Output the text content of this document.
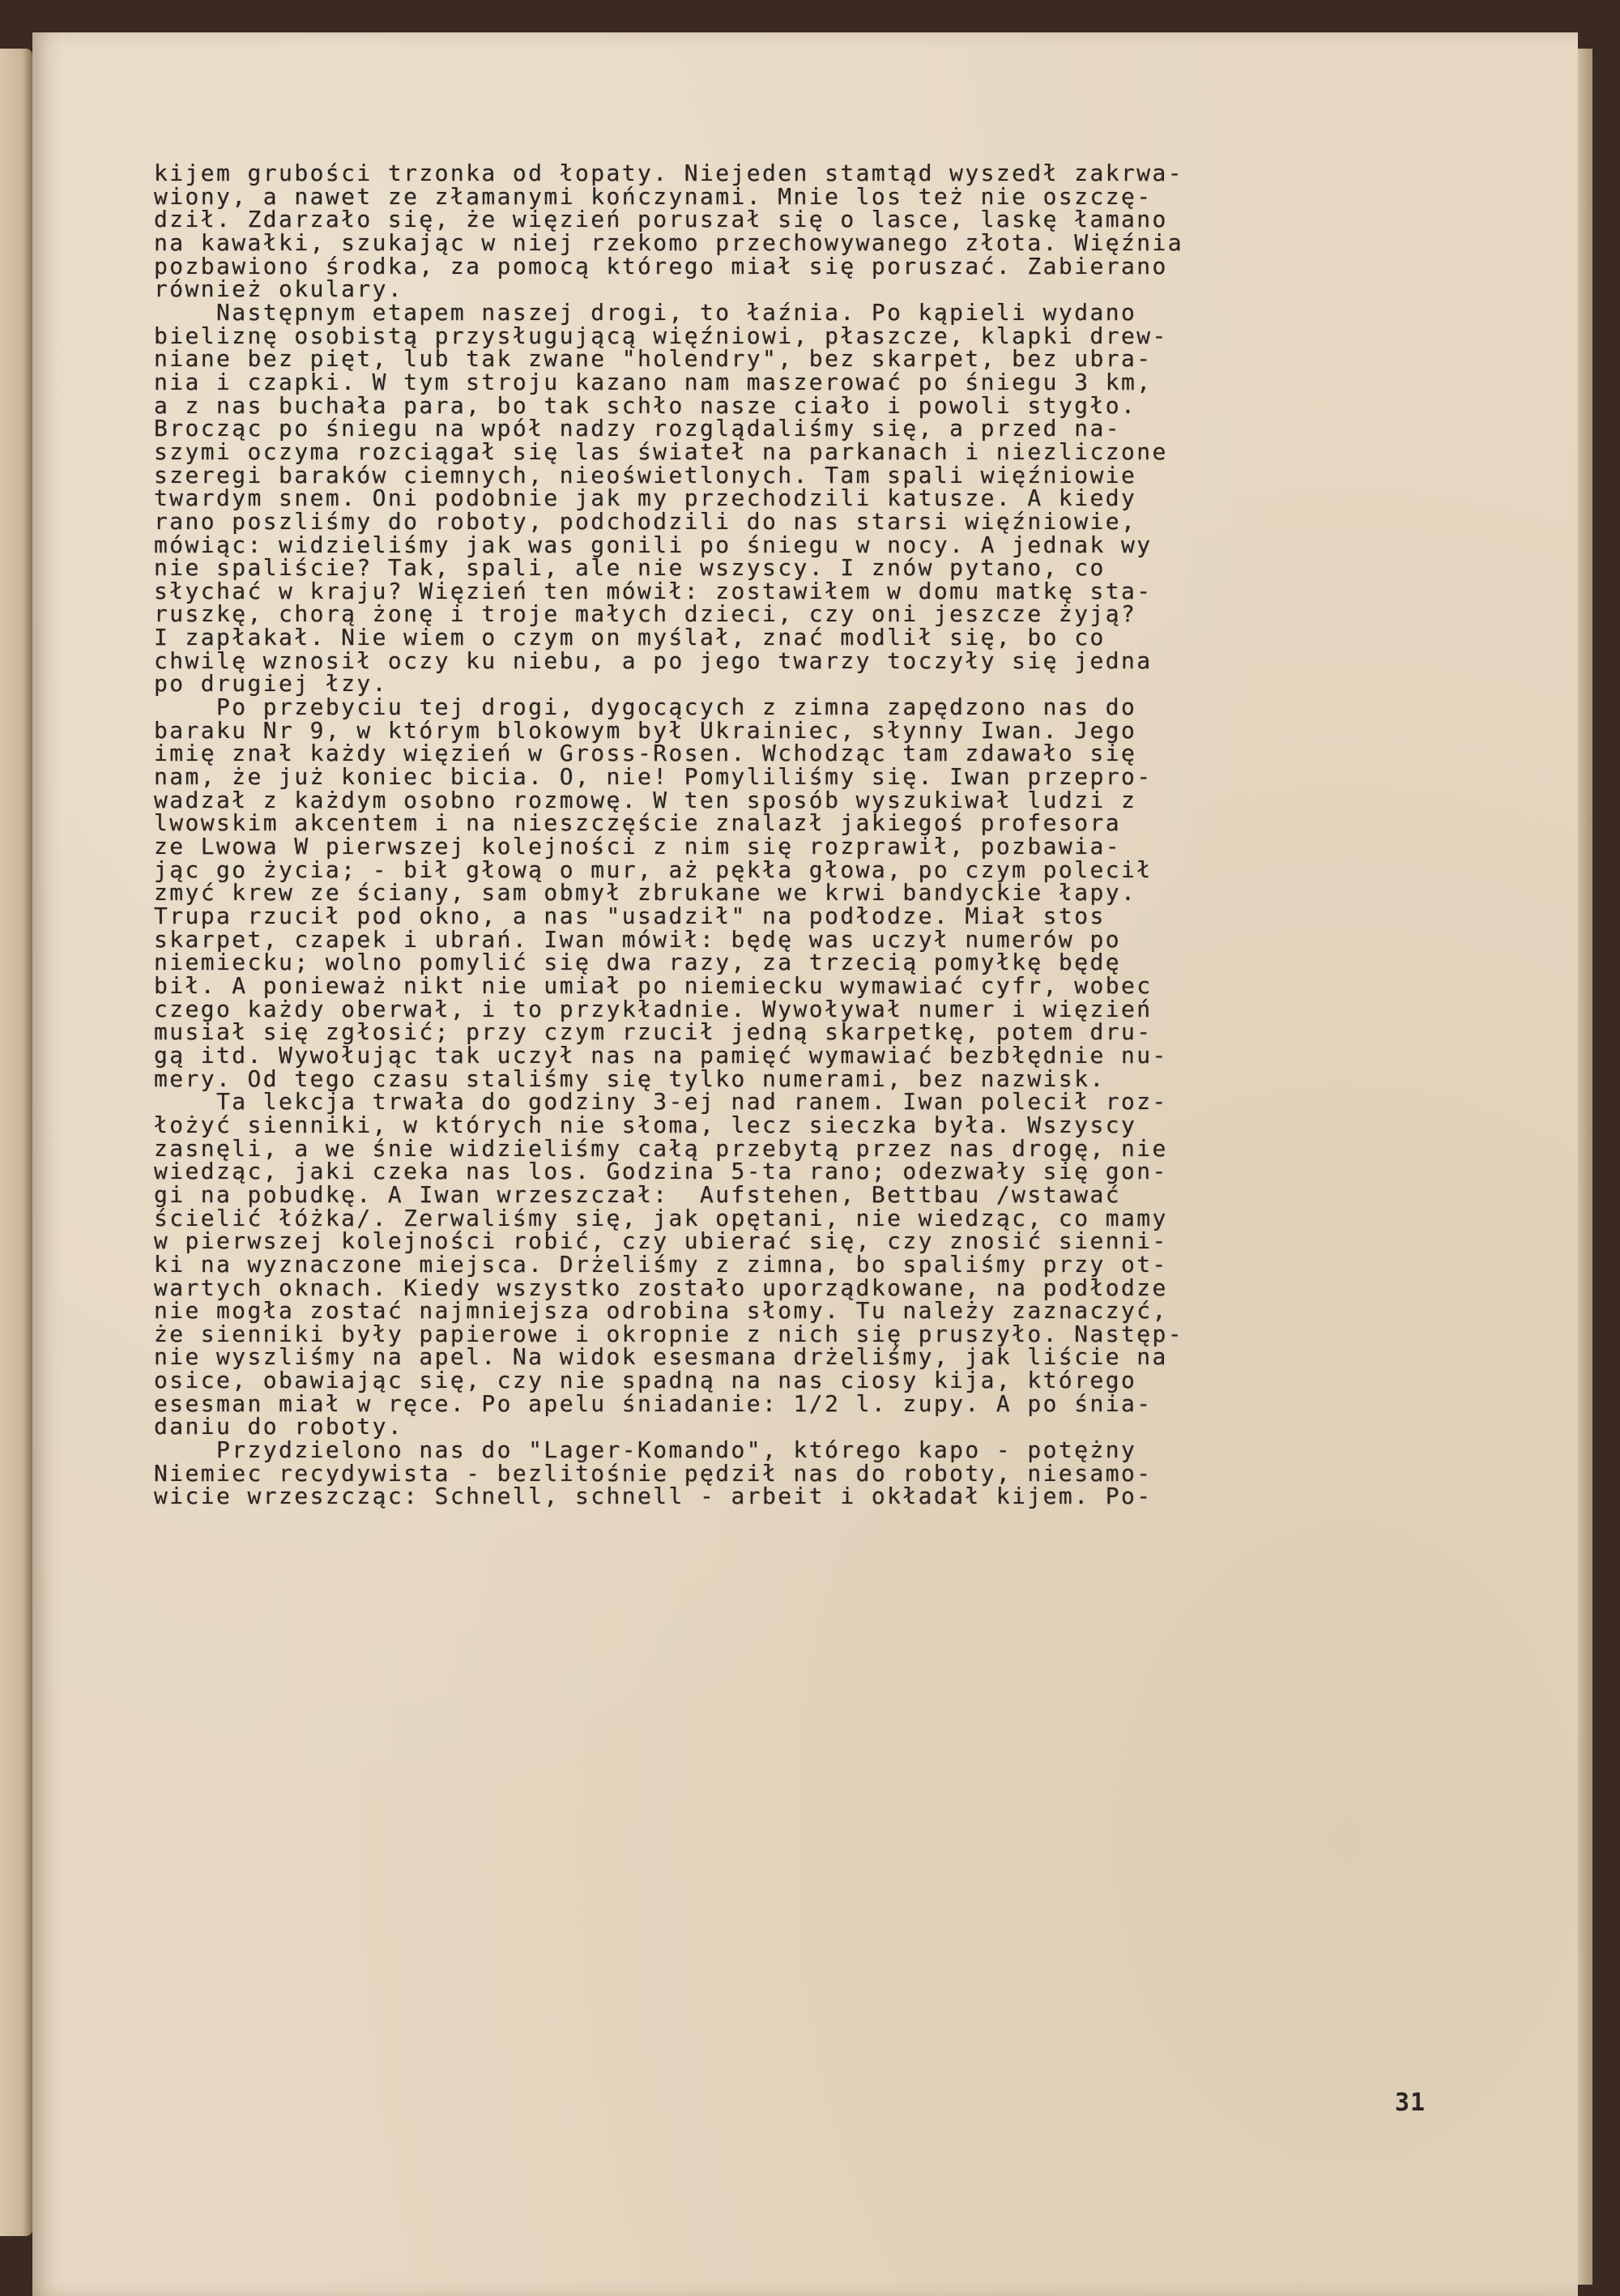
kijem grubości trzonka od łopaty. Niejeden stamtąd wyszedł zakrwa-
wiony, a nawet ze złamanymi kończynami. Mnie los też nie oszczę-
dził. Zdarzało się, że więzień poruszał się o lasce, laskę łamano
na kawałki, szukając w niej rzekomo przechowywanego złota. Więźnia
pozbawiono środka, za pomocą którego miał się poruszać. Zabierano
również okulary.
Następnym etapem naszej drogi, to łaźnia. Po kąpieli wydano
bieliznę osobistą przysługującą więźniowi, płaszcze, klapki drew-
niane bez pięt, lub tak zwane "holendry", bez skarpet, bez ubra-
nia i czapki. W tym stroju kazano nam maszerować po śniegu 3 km,
a z nas buchała para, bo tak schło nasze ciało i powoli stygło.
Brocząc po śniegu na wpół nadzy rozglądaliśmy się, a przed na-
szymi oczyma rozciągał się las świateł na parkanach i niezliczone
szeregi baraków ciemnych, nieoświetlonych. Tam spali więźniowie
twardym snem. Oni podobnie jak my przechodzili katusze. A kiedy
rano poszliśmy do roboty, podchodzili do nas starsi więźniowie,
mówiąc: widzieliśmy jak was gonili po śniegu w nocy. A jednak wy
nie spaliście? Tak, spali, ale nie wszyscy. I znów pytano, co
słychać w kraju? Więzień ten mówił: zostawiłem w domu matkę sta-
ruszkę, chorą żonę i troje małych dzieci, czy oni jeszcze żyją?
I zapłakał. Nie wiem o czym on myślał, znać modlił się, bo co
chwilę wznosił oczy ku niebu, a po jego twarzy toczyły się jedna
po drugiej łzy.
Po przebyciu tej drogi, dygocących z zimna zapędzono nas do
baraku Nr 9, w którym blokowym był Ukrainiec, słynny Iwan. Jego
imię znał każdy więzień w Gross-Rosen. Wchodząc tam zdawało się
nam, że już koniec bicia. O, nie! Pomyliliśmy się. Iwan przepro-
wadzał z każdym osobno rozmowę. W ten sposób wyszukiwał ludzi z
lwowskim akcentem i na nieszczęście znalazł jakiegoś profesora
ze Lwowa W pierwszej kolejności z nim się rozprawił, pozbawia-
jąc go życia; - bił głową o mur, aż pękła głowa, po czym polecił
zmyć krew ze ściany, sam obmył zbrukane we krwi bandyckie łapy.
Trupa rzucił pod okno, a nas "usadził" na podłodze. Miał stos
skarpet, czapek i ubrań. Iwan mówił: będę was uczył numerów po
niemiecku; wolno pomylić się dwa razy, za trzecią pomyłkę będę
bił. A ponieważ nikt nie umiał po niemiecku wymawiać cyfr, wobec
czego każdy oberwał, i to przykładnie. Wywoływał numer i więzień
musiał się zgłosić; przy czym rzucił jedną skarpetkę, potem dru-
gą itd. Wywołując tak uczył nas na pamięć wymawiać bezbłędnie nu-
mery. Od tego czasu staliśmy się tylko numerami, bez nazwisk.
Ta lekcja trwała do godziny 3-ej nad ranem. Iwan polecił roz-
łożyć sienniki, w których nie słoma, lecz sieczka była. Wszyscy
zasnęli, a we śnie widzieliśmy całą przebytą przez nas drogę, nie
wiedząc, jaki czeka nas los. Godzina 5-ta rano; odezwały się gon-
gi na pobudkę. A Iwan wrzeszczał:  Aufstehen, Bettbau /wstawać
ścielić łóżka/. Zerwaliśmy się, jak opętani, nie wiedząc, co mamy
w pierwszej kolejności robić, czy ubierać się, czy znosić sienni-
ki na wyznaczone miejsca. Drżeliśmy z zimna, bo spaliśmy przy ot-
wartych oknach. Kiedy wszystko zostało uporządkowane, na podłodze
nie mogła zostać najmniejsza odrobina słomy. Tu należy zaznaczyć,
że sienniki były papierowe i okropnie z nich się pruszyło. Następ-
nie wyszliśmy na apel. Na widok esesmana drżeliśmy, jak liście na
osice, obawiając się, czy nie spadną na nas ciosy kija, którego
esesman miał w ręce. Po apelu śniadanie: 1/2 l. zupy. A po śnia-
daniu do roboty.
Przydzielono nas do "Lager-Komando", którego kapo - potężny
Niemiec recydywista - bezlitośnie pędził nas do roboty, niesamo-
wicie wrzeszcząc: Schnell, schnell - arbeit i okładał kijem. Po-
31
